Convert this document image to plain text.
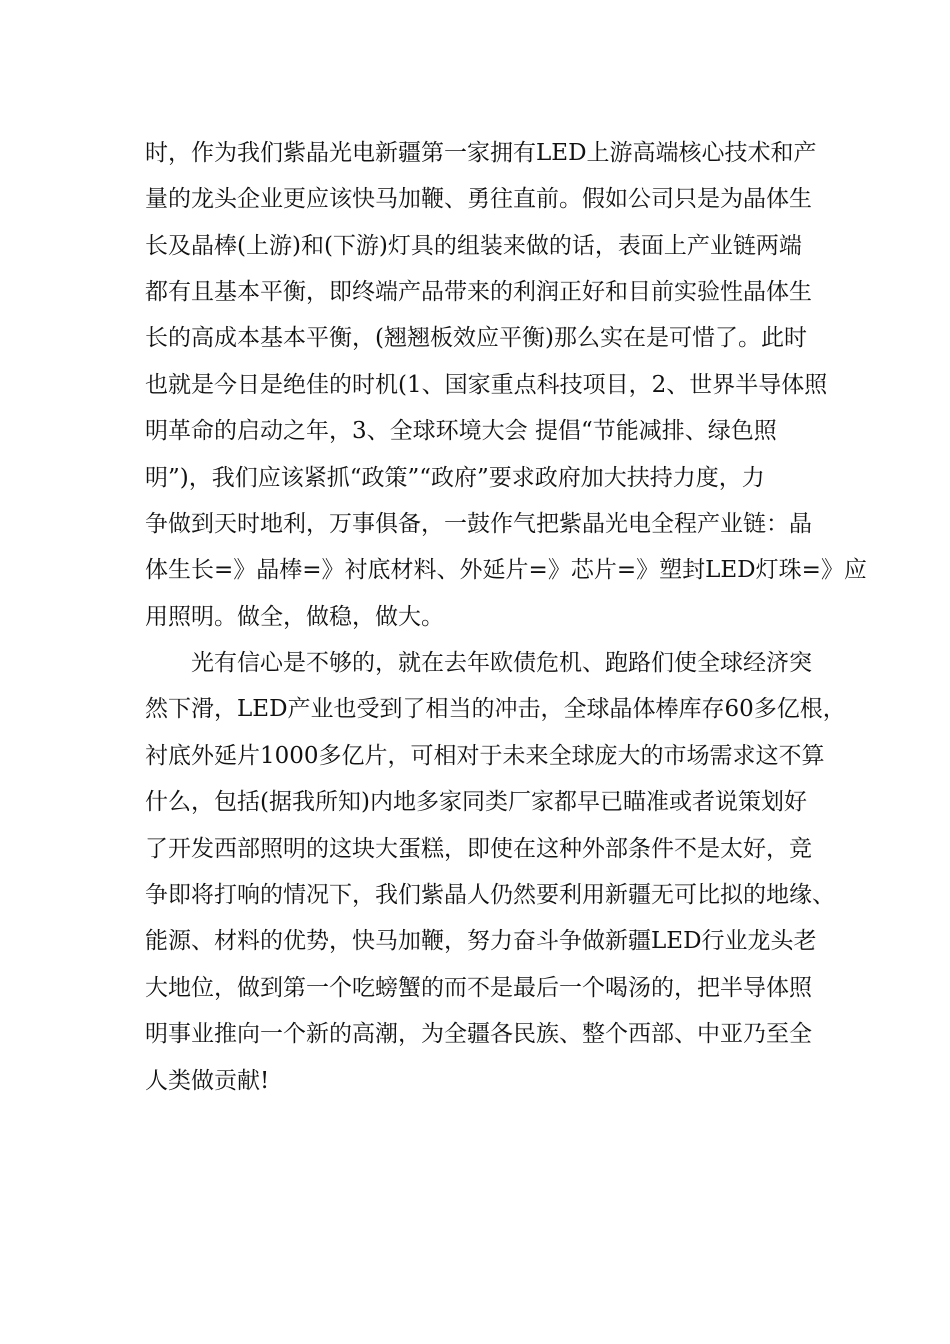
时，作为我们紫晶光电新疆第一家拥有LED上游高端核心技术和产
量的龙头企业更应该快马加鞭、勇往直前。假如公司只是为晶体生
长及晶棒(上游)和(下游)灯具的组装来做的话，表面上产业链两端
都有且基本平衡，即终端产品带来的利润正好和目前实验性晶体生
长的高成本基本平衡，(翘翘板效应平衡)那么实在是可惜了。此时
也就是今日是绝佳的时机(1、国家重点科技项目，2、世界半导体照
明革命的启动之年，3、全球环境大会 提倡“节能减排、绿色照
明”)，我们应该紧抓“政策”“政府”要求政府加大扶持力度，力
争做到天时地利，万事俱备，一鼓作气把紫晶光电全程产业链：晶
体生长=》晶棒=》衬底材料、外延片=》芯片=》塑封LED灯珠=》应
用照明。做全，做稳，做大。
光有信心是不够的，就在去年欧债危机、跑路们使全球经济突
然下滑，LED产业也受到了相当的冲击，全球晶体棒库存60多亿根，
衬底外延片1000多亿片，可相对于未来全球庞大的市场需求这不算
什么，包括(据我所知)内地多家同类厂家都早已瞄准或者说策划好
了开发西部照明的这块大蛋糕，即使在这种外部条件不是太好，竞
争即将打响的情况下，我们紫晶人仍然要利用新疆无可比拟的地缘、
能源、材料的优势，快马加鞭，努力奋斗争做新疆LED行业龙头老
大地位，做到第一个吃螃蟹的而不是最后一个喝汤的，把半导体照
明事业推向一个新的高潮，为全疆各民族、整个西部、中亚乃至全
人类做贡献!
